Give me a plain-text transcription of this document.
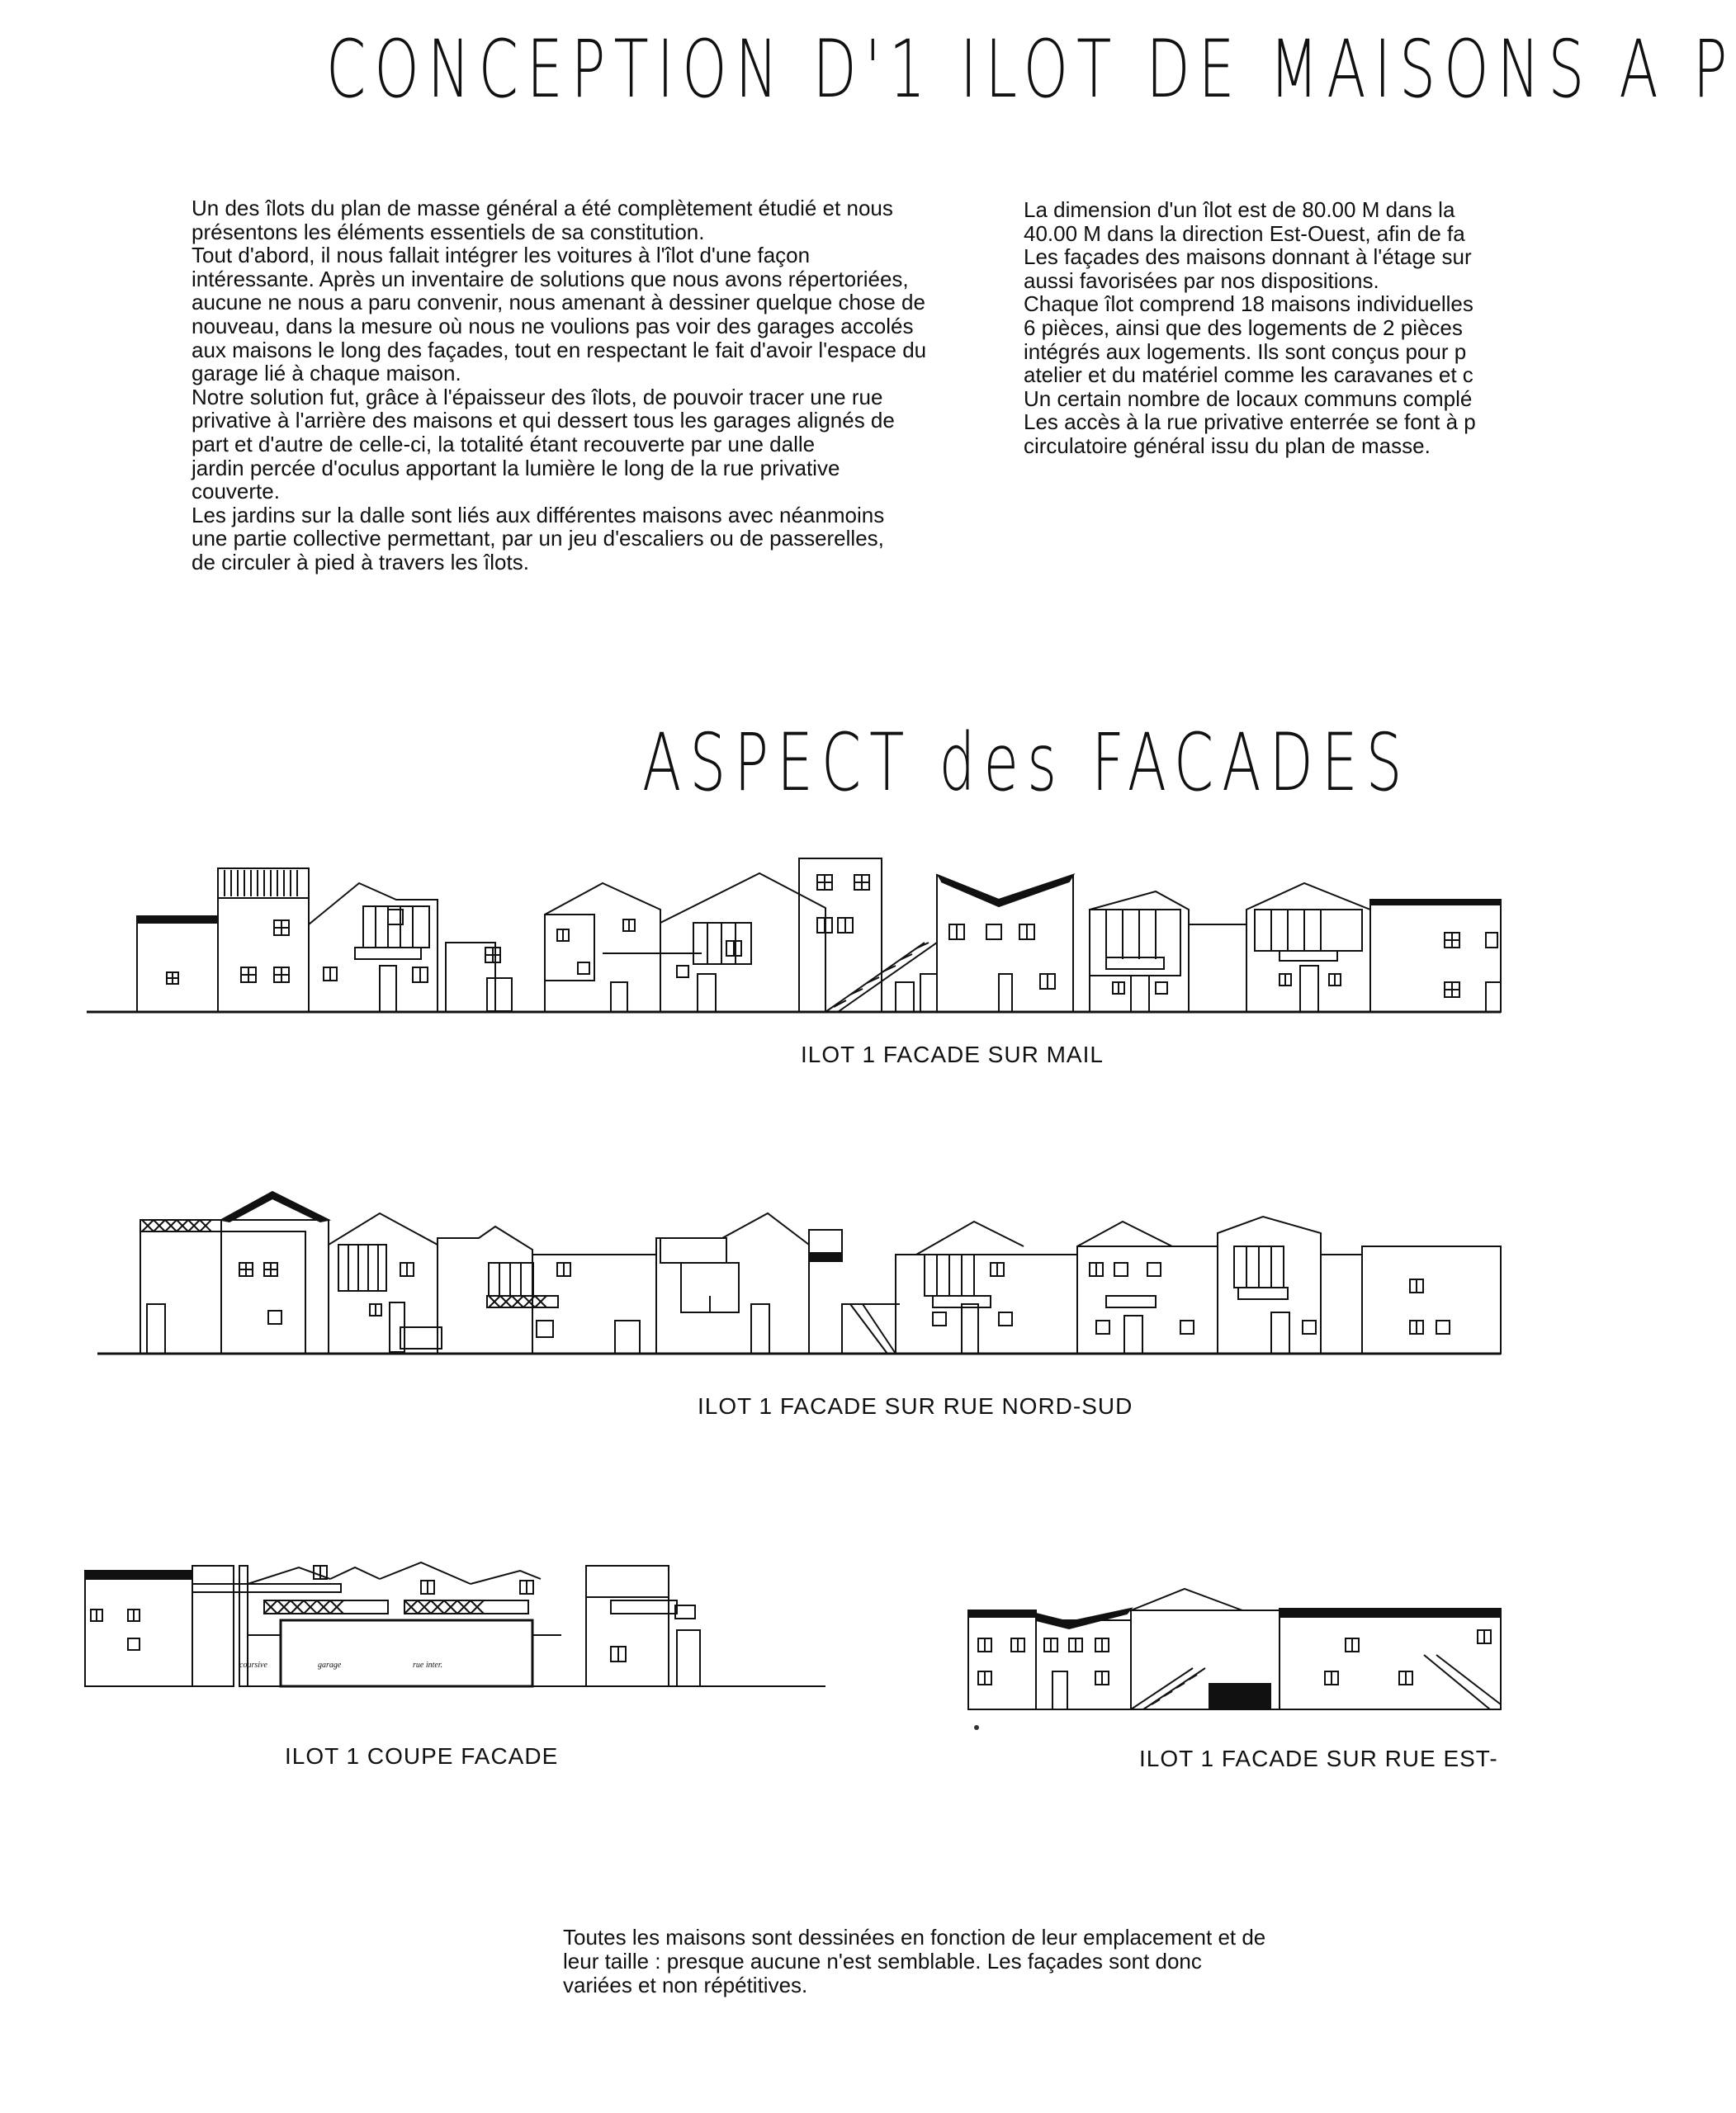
CONCEPTION D'1 ILOT DE MAISONS A P

Un des îlots du plan de masse général a été complètement étudié et nous

présentons les éléments essentiels de sa constitution.

Tout d'abord, il nous fallait intégrer les voitures à l'îlot d'une façon

intéressante. Après un inventaire de solutions que nous avons répertoriées,

aucune ne nous a paru convenir, nous amenant à dessiner quelque chose de

nouveau, dans la mesure où nous ne voulions pas voir des garages accolés

aux maisons le long des façades, tout en respectant le fait d'avoir l'espace du

garage lié à chaque maison.

Notre solution fut, grâce à l'épaisseur des îlots, de pouvoir tracer une rue

privative à l'arrière des maisons et qui dessert tous les garages alignés de

part et d'autre de celle-ci, la totalité étant recouverte par une dalle

jardin percée d'oculus apportant la lumière le long de la rue privative

couverte.

Les jardins sur la dalle sont liés aux différentes maisons avec néanmoins

une partie collective permettant, par un jeu d'escaliers ou de passerelles,

de circuler à pied à travers les îlots.

La dimension d'un îlot est de 80.00 M dans la

40.00 M dans la direction Est-Ouest, afin de fa

Les façades des maisons donnant à l'étage sur

aussi favorisées par nos dispositions.

Chaque îlot comprend 18 maisons individuelles

6 pièces, ainsi que des logements de 2 pièces

intégrés aux logements. Ils sont conçus pour p

atelier et du matériel comme les caravanes et c

Un certain nombre de locaux communs complé

Les accès à la rue privative enterrée se font à p

circulatoire général issu du plan de masse.

ASPECT des FACADES
ILOT 1 FACADE SUR MAIL
ILOT 1 FACADE SUR RUE NORD-SUD
coursive	garage	rue inter.
ILOT 1 COUPE FACADE	ILOT 1 FACADE SUR RUE EST-

Toutes les maisons sont dessinées en fonction de leur emplacement et de

leur taille : presque aucune n'est semblable. Les façades sont donc

variées et non répétitives.
